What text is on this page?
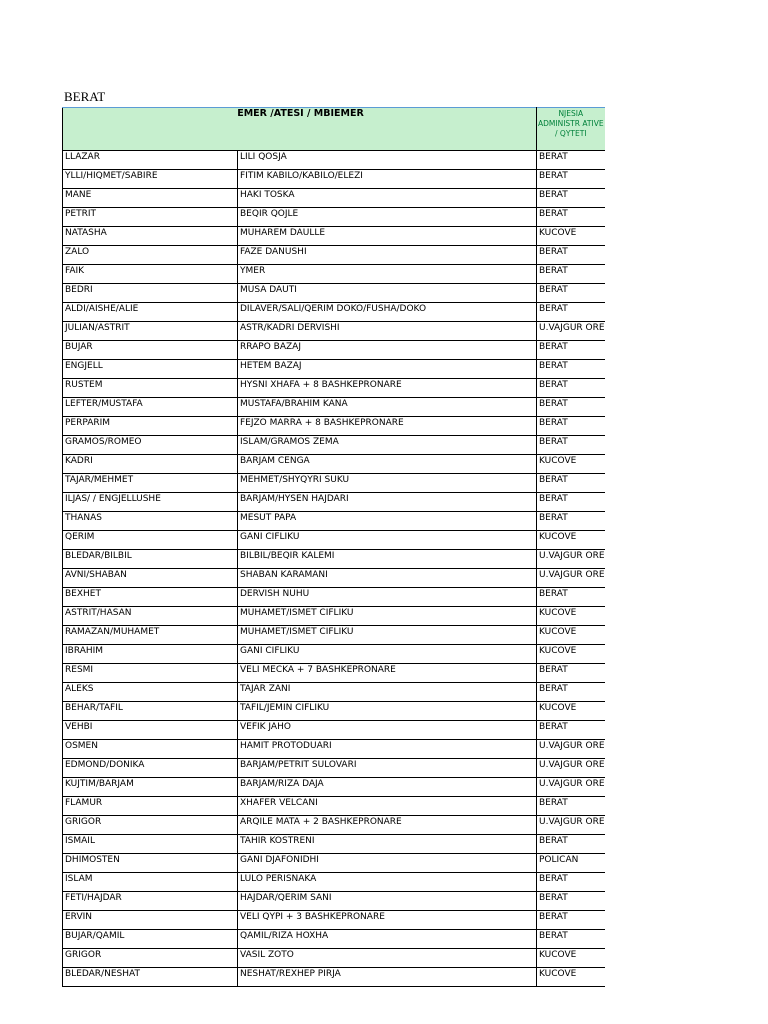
BERAT
EMER /ATESI / MBIEMER		NJESIA ADMINISTR ATIVE / QYTETI
LLAZAR	LILI QOSJA	BERAT
YLLI/HIQMET/SABIRE	FITIM KABILO/KABILO/ELEZI	BERAT
MANE	HAKI TOSKA	BERAT
PETRIT	BEQIR QOJLE	BERAT
NATASHA	MUHAREM DAULLE	KUCOVE
ZALO	FAZE DANUSHI	BERAT
FAIK	YMER	BERAT
BEDRI	MUSA DAUTI	BERAT
ALDI/AISHE/ALIE	DILAVER/SALI/QERIM DOKO/FUSHA/DOKO	BERAT
JULIAN/ASTRIT	ASTR/KADRI DERVISHI	U.VAJGUR ORE
BUJAR	RRAPO BAZAJ	BERAT
ENGJELL	HETEM BAZAJ	BERAT
RUSTEM	HYSNI XHAFA + 8 BASHKEPRONARE	BERAT
LEFTER/MUSTAFA	MUSTAFA/BRAHIM KANA	BERAT
PERPARIM	FEJZO MARRA + 8 BASHKEPRONARE	BERAT
GRAMOS/ROMEO	ISLAM/GRAMOS ZEMA	BERAT
KADRI	BARJAM CENGA	KUCOVE
TAJAR/MEHMET	MEHMET/SHYQYRI SUKU	BERAT
ILJAS/ / ENGJELLUSHE	BARJAM/HYSEN HAJDARI	BERAT
THANAS	MESUT PAPA	BERAT
QERIM	GANI CIFLIKU	KUCOVE
BLEDAR/BILBIL	BILBIL/BEQIR KALEMI	U.VAJGUR ORE
AVNI/SHABAN	SHABAN KARAMANI	U.VAJGUR ORE
BEXHET	DERVISH NUHU	BERAT
ASTRIT/HASAN	MUHAMET/ISMET CIFLIKU	KUCOVE
RAMAZAN/MUHAMET	MUHAMET/ISMET CIFLIKU	KUCOVE
IBRAHIM	GANI CIFLIKU	KUCOVE
RESMI	VELI MECKA + 7 BASHKEPRONARE	BERAT
ALEKS	TAJAR ZANI	BERAT
BEHAR/TAFIL	TAFIL/JEMIN CIFLIKU	KUCOVE
VEHBI	VEFIK JAHO	BERAT
OSMEN	HAMIT PROTODUARI	U.VAJGUR ORE
EDMOND/DONIKA	BARJAM/PETRIT SULOVARI	U.VAJGUR ORE
KUJTIM/BARJAM	BARJAM/RIZA DAJA	U.VAJGUR ORE
FLAMUR	XHAFER VELCANI	BERAT
GRIGOR	ARQILE MATA + 2 BASHKEPRONARE	U.VAJGUR ORE
ISMAIL	TAHIR KOSTRENI	BERAT
DHIMOSTEN	GANI DJAFONIDHI	POLICAN
ISLAM	LULO PERISNAKA	BERAT
FETI/HAJDAR	HAJDAR/QERIM SANI	BERAT
ERVIN	VELI QYPI + 3 BASHKEPRONARE	BERAT
BUJAR/QAMIL	QAMIL/RIZA HOXHA	BERAT
GRIGOR	VASIL ZOTO	KUCOVE
BLEDAR/NESHAT	NESHAT/REXHEP PIRJA	KUCOVE
